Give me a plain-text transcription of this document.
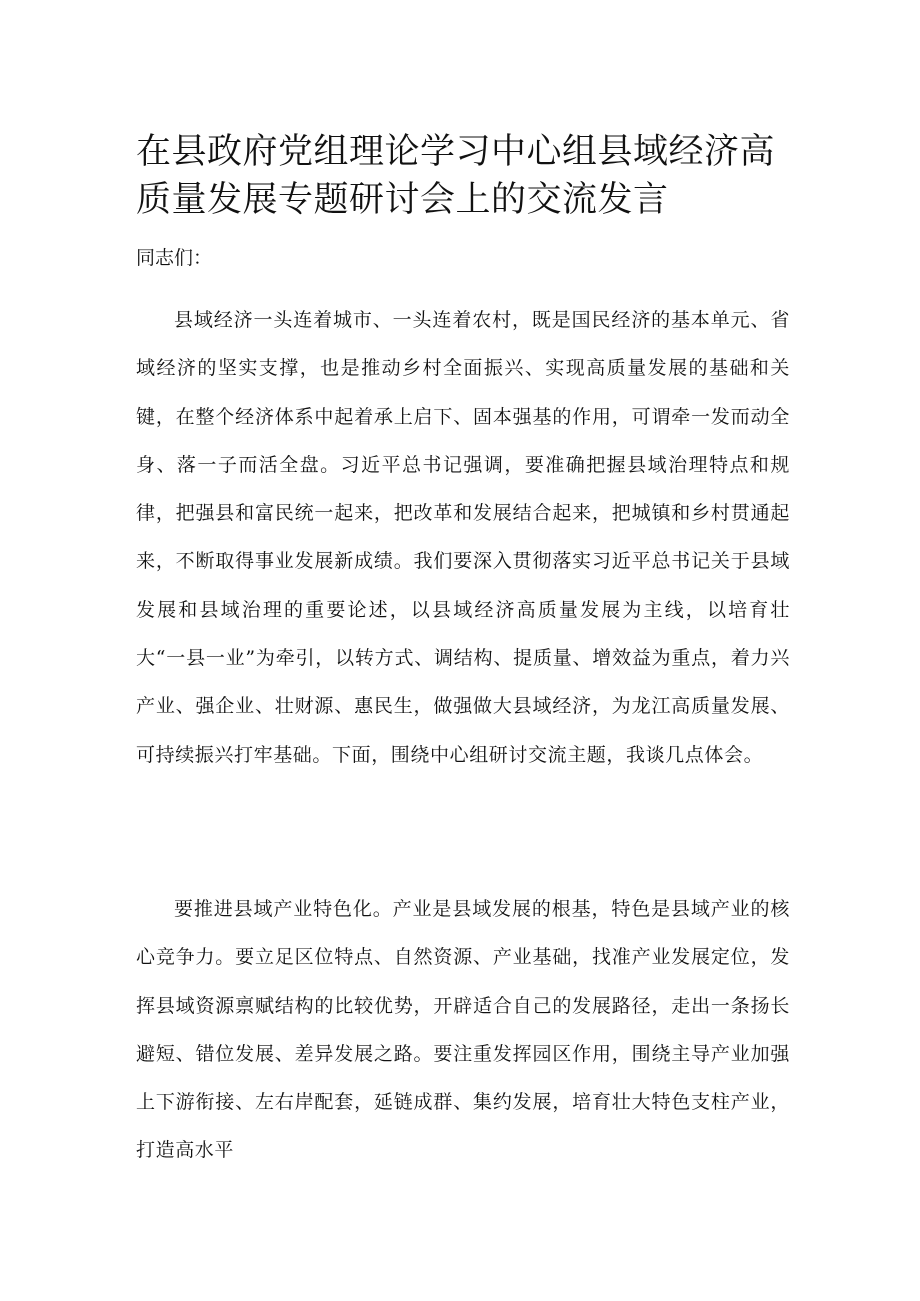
在县政府党组理论学习中心组县域经济高质量发展专题研讨会上的交流发言

同志们：

县域经济一头连着城市、一头连着农村，既是国民经济的基本单元、省域经济的坚实支撑，也是推动乡村全面振兴、实现高质量发展的基础和关键，在整个经济体系中起着承上启下、固本强基的作用，可谓牵一发而动全身、落一子而活全盘。习近平总书记强调，要准确把握县域治理特点和规律，把强县和富民统一起来，把改革和发展结合起来，把城镇和乡村贯通起来，不断取得事业发展新成绩。我们要深入贯彻落实习近平总书记关于县域发展和县域治理的重要论述，以县域经济高质量发展为主线，以培育壮大“一县一业”为牵引，以转方式、调结构、提质量、增效益为重点，着力兴产业、强企业、壮财源、惠民生，做强做大县域经济，为龙江高质量发展、可持续振兴打牢基础。下面，围绕中心组研讨交流主题，我谈几点体会。

要推进县域产业特色化。产业是县域发展的根基，特色是县域产业的核心竞争力。要立足区位特点、自然资源、产业基础，找准产业发展定位，发挥县域资源禀赋结构的比较优势，开辟适合自己的发展路径，走出一条扬长避短、错位发展、差异发展之路。要注重发挥园区作用，围绕主导产业加强上下游衔接、左右岸配套，延链成群、集约发展，培育壮大特色支柱产业，打造高水平
